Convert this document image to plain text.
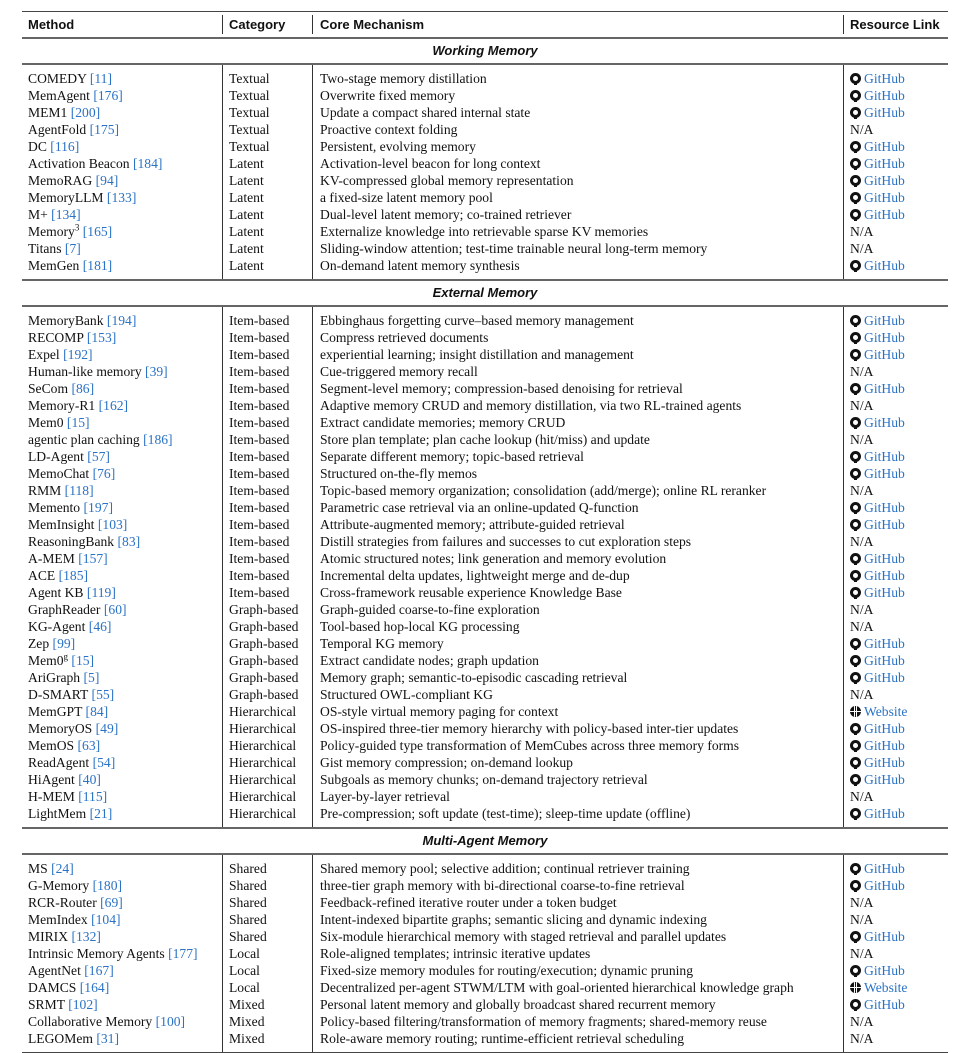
Method	Category	Core Mechanism	Resource Link
Working Memory
COMEDY [11]	Textual	Two-stage memory distillation	GitHub
MemAgent [176]	Textual	Overwrite fixed memory	GitHub
MEM1 [200]	Textual	Update a compact shared internal state	GitHub
AgentFold [175]	Textual	Proactive context folding	N/A
DC [116]	Textual	Persistent, evolving memory	GitHub
Activation Beacon [184]	Latent	Activation-level beacon for long context	GitHub
MemoRAG [94]	Latent	KV-compressed global memory representation	GitHub
MemoryLLM [133]	Latent	a fixed-size latent memory pool	GitHub
M+ [134]	Latent	Dual-level latent memory; co-trained retriever	GitHub
Memory$^3$ [165]	Latent	Externalize knowledge into retrievable sparse KV memories	N/A
Titans [7]	Latent	Sliding-window attention; test-time trainable neural long-term memory	N/A
MemGen [181]	Latent	On-demand latent memory synthesis	GitHub
External Memory
MemoryBank [194]	Item-based	Ebbinghaus forgetting curve–based memory management	GitHub
RECOMP [153]	Item-based	Compress retrieved documents	GitHub
Expel [192]	Item-based	experiential learning; insight distillation and management	GitHub
Human-like memory [39]	Item-based	Cue-triggered memory recall	N/A
SeCom [86]	Item-based	Segment-level memory; compression-based denoising for retrieval	GitHub
Memory-R1 [162]	Item-based	Adaptive memory CRUD and memory distillation, via two RL-trained agents	N/A
Mem0 [15]	Item-based	Extract candidate memories; memory CRUD	GitHub
agentic plan caching [186]	Item-based	Store plan template; plan cache lookup (hit/miss) and update	N/A
LD-Agent [57]	Item-based	Separate different memory; topic-based retrieval	GitHub
MemoChat [76]	Item-based	Structured on-the-fly memos	GitHub
RMM [118]	Item-based	Topic-based memory organization; consolidation (add/merge); online RL reranker	N/A
Memento [197]	Item-based	Parametric case retrieval via an online-updated Q-function	GitHub
MemInsight [103]	Item-based	Attribute-augmented memory; attribute-guided retrieval	GitHub
ReasoningBank [83]	Item-based	Distill strategies from failures and successes to cut exploration steps	N/A
A-MEM [157]	Item-based	Atomic structured notes; link generation and memory evolution	GitHub
ACE [185]	Item-based	Incremental delta updates, lightweight merge and de-dup	GitHub
Agent KB [119]	Item-based	Cross-framework reusable experience Knowledge Base	GitHub
GraphReader [60]	Graph-based	Graph-guided coarse-to-fine exploration	N/A
KG-Agent [46]	Graph-based	Tool-based hop-local KG processing	N/A
Zep [99]	Graph-based	Temporal KG memory	GitHub
Mem0$^g$ [15]	Graph-based	Extract candidate nodes; graph updation	GitHub
AriGraph [5]	Graph-based	Memory graph; semantic-to-episodic cascading retrieval	GitHub
D-SMART [55]	Graph-based	Structured OWL-compliant KG	N/A
MemGPT [84]	Hierarchical	OS-style virtual memory paging for context	Website
MemoryOS [49]	Hierarchical	OS-inspired three-tier memory hierarchy with policy-based inter-tier updates	GitHub
MemOS [63]	Hierarchical	Policy-guided type transformation of MemCubes across three memory forms	GitHub
ReadAgent [54]	Hierarchical	Gist memory compression; on-demand lookup	GitHub
HiAgent [40]	Hierarchical	Subgoals as memory chunks; on-demand trajectory retrieval	GitHub
H-MEM [115]	Hierarchical	Layer-by-layer retrieval	N/A
LightMem [21]	Hierarchical	Pre-compression; soft update (test-time); sleep-time update (offline)	GitHub
Multi-Agent Memory
MS [24]	Shared	Shared memory pool; selective addition; continual retriever training	GitHub
G-Memory [180]	Shared	three-tier graph memory with bi-directional coarse-to-fine retrieval	GitHub
RCR-Router [69]	Shared	Feedback-refined iterative router under a token budget	N/A
MemIndex [104]	Shared	Intent-indexed bipartite graphs; semantic slicing and dynamic indexing	N/A
MIRIX [132]	Shared	Six-module hierarchical memory with staged retrieval and parallel updates	GitHub
Intrinsic Memory Agents [177]	Local	Role-aligned templates; intrinsic iterative updates	N/A
AgentNet [167]	Local	Fixed-size memory modules for routing/execution; dynamic pruning	GitHub
DAMCS [164]	Local	Decentralized per-agent STWM/LTM with goal-oriented hierarchical knowledge graph	Website
SRMT [102]	Mixed	Personal latent memory and globally broadcast shared recurrent memory	GitHub
Collaborative Memory [100]	Mixed	Policy-based filtering/transformation of memory fragments; shared-memory reuse	N/A
LEGOMem [31]	Mixed	Role-aware memory routing; runtime-efficient retrieval scheduling	N/A
